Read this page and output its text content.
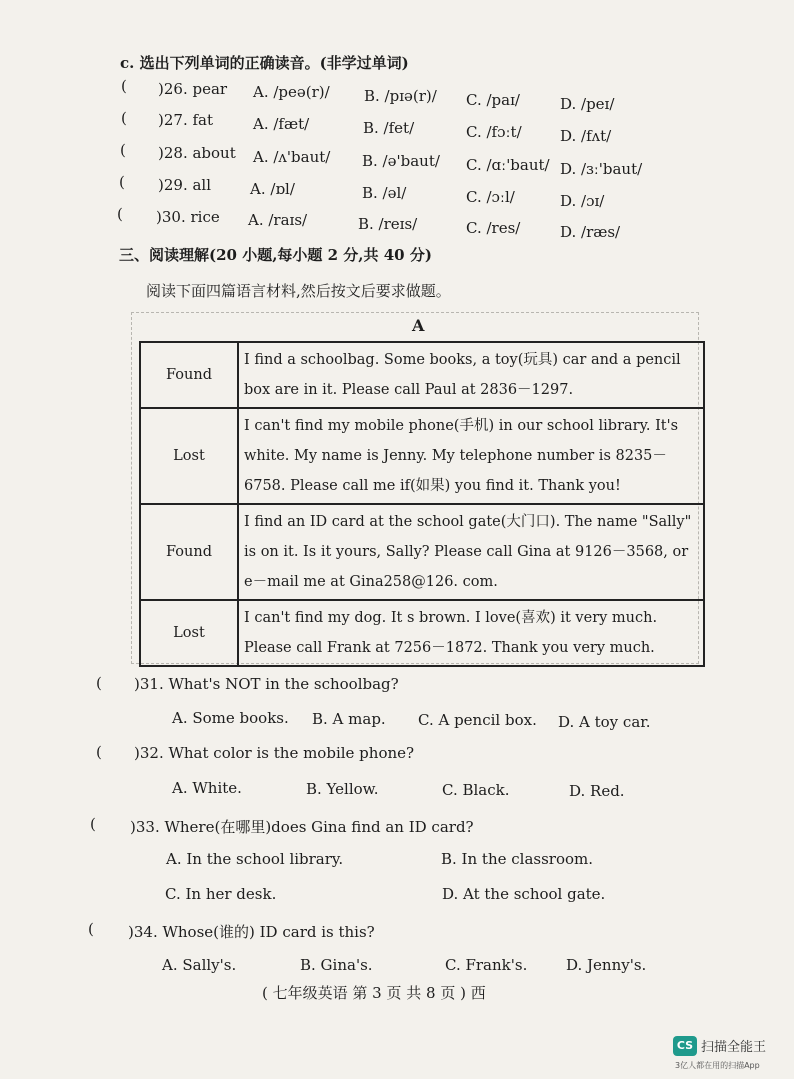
c. 选出下列单词的正确读音。(非学过单词)
( )26. pear A. /peə(r)/ B. /pɪə(r)/ C. /paɪ/	D. /peɪ/
( )27. fat	A. /fæt/	B. /fet/	C. /fɔːt/	D. /fʌt/
( )28. about A. /ʌ'baut/ B. /ə'baut/ C. /ɑː'baut/ D. /ɜː'baut/
( )29. all	A. /ɒl/	B. /əl/	C. /ɔːl/	D. /ɔɪ/
( )30. rice A. /raɪs/	B. /reɪs/	C. /res/	D. /ræs/
三、阅读理解(20 小题,每小题 2 分,共 40 分)
阅读下面四篇语言材料,然后按文后要求做题。
A
Found	I find a schoolbag. Some books, a toy(玩具) car and a pencil box are in it. Please call Paul at 2836－1297.
Lost	I can't find my mobile phone(手机) in our school library. It's white. My name is Jenny. My telephone number is 8235－6758. Please call me if(如果) you find it. Thank you!
Found	I find an ID card at the school gate(大门口). The name "Sally" is on it. Is it yours, Sally? Please call Gina at 9126－3568, or e－mail me at Gina258@126. com.
Lost	I can't find my dog. It s brown. I love(喜欢) it very much. Please call Frank at 7256－1872. Thank you very much.
( )31. What's NOT in the schoolbag?
A. Some books. B. A map. C. A pencil box. D. A toy car.
( )32. What color is the mobile phone?
A. White.	B. Yellow.	C. Black.	D. Red.
( )33. Where(在哪里)does Gina find an ID card?
A. In the school library.	B. In the classroom.
C. In her desk.	D. At the school gate.
( )34. Whose(谁的) ID card is this?
A. Sally's.	B. Gina's.	C. Frank's.	D. Jenny's.
( 七年级英语 第 3 页 共 8 页 ) 西
CS 扫描全能王
3亿人都在用的扫描App
